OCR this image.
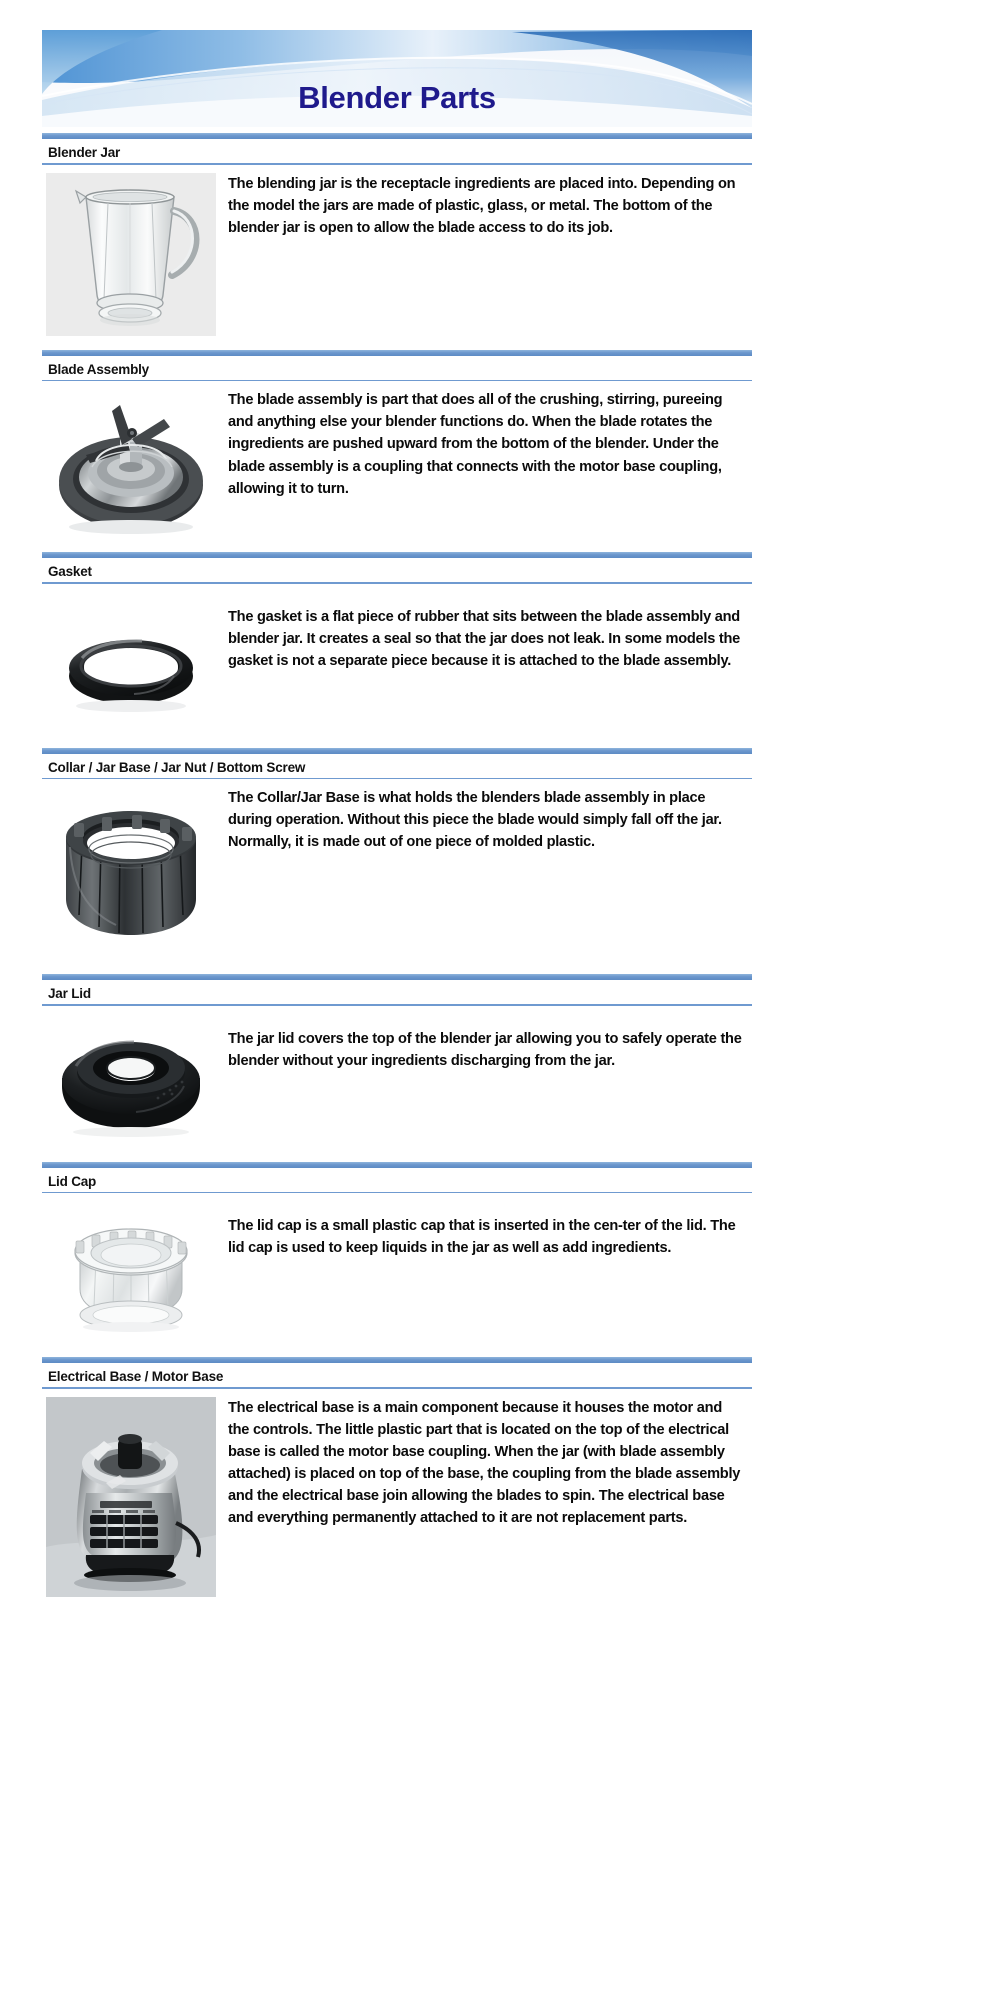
Blender Parts
Blender Jar
The blending jar is the receptacle ingredients are placed into. Depending on the model the jars are made of plastic, glass, or metal. The bottom of the blender jar is open to allow the blade access to do its job.
Blade Assembly
The blade assembly is part that does all of the crushing, stirring, pureeing and anything else your blender functions do. When the blade rotates the ingredients are pushed upward from the bottom of the blender. Under the blade assembly is a coupling that connects with the motor base coupling, allowing it to turn.
Gasket
The gasket is a flat piece of rubber that sits between the blade assembly and blender jar. It creates a seal so that the jar does not leak. In some models the gasket is not a separate piece because it is attached to the blade assembly.
Collar / Jar Base / Jar Nut / Bottom Screw
The Collar/Jar Base is what holds the blenders blade assembly in place during operation. Without this piece the blade would simply fall off the jar. Normally, it is made out of one piece of molded plastic.
Jar Lid
The jar lid covers the top of the blender jar allowing you to safely operate the blender without your ingredients discharging from the jar.
Lid Cap
The lid cap is a small plastic cap that is inserted in the cen-ter of the lid. The lid cap is used to keep liquids in the jar as well as add ingredients.
Electrical Base / Motor Base
The electrical base is a main component because it houses the motor and the controls. The little plastic part that is located on the top of the electrical base is called the motor base coupling. When the jar (with blade assembly attached) is placed on top of the base, the coupling from the blade assembly and the electrical base join allowing the blades to spin. The electrical base and everything permanently attached to it are not replacement parts.
